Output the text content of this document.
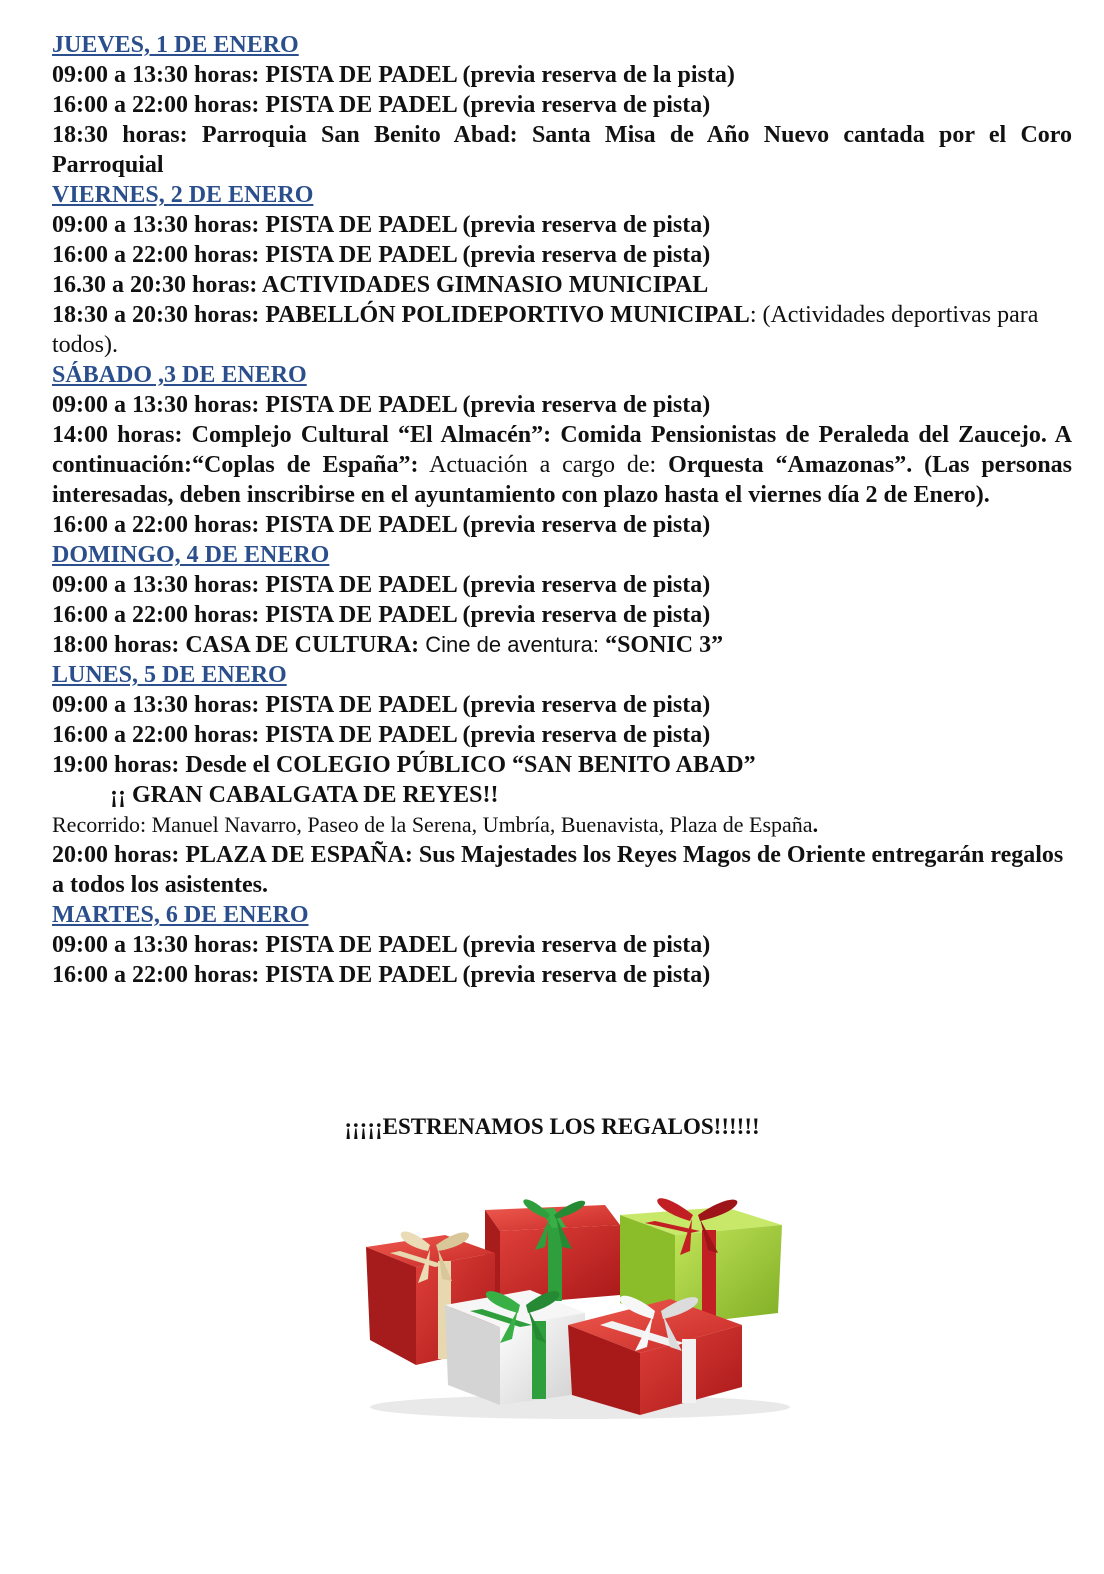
JUEVES, 1 DE ENERO

09:00 a 13:30 horas: PISTA DE PADEL (previa reserva de la pista)

16:00 a 22:00 horas: PISTA DE PADEL (previa reserva de pista)

18:30 horas: Parroquia San Benito Abad: Santa Misa de Año Nuevo cantada por el Coro Parroquial

VIERNES, 2 DE ENERO

09:00 a 13:30 horas: PISTA DE PADEL (previa reserva de pista)

16:00 a 22:00 horas: PISTA DE PADEL (previa reserva de pista)

16.30 a 20:30 horas: ACTIVIDADES GIMNASIO MUNICIPAL

18:30 a 20:30 horas: PABELLÓN POLIDEPORTIVO MUNICIPAL: (Actividades deportivas para todos).

SÁBADO ,3 DE ENERO

09:00 a 13:30 horas: PISTA DE PADEL (previa reserva de pista)

14:00 horas: Complejo Cultural “El Almacén”: Comida Pensionistas de Peraleda del Zaucejo. A continuación:“Coplas de España”: Actuación a cargo de: Orquesta “Amazonas”. (Las personas interesadas, deben inscribirse en el ayuntamiento con plazo hasta el viernes día 2 de Enero).

16:00 a 22:00 horas: PISTA DE PADEL (previa reserva de pista)

DOMINGO, 4 DE ENERO

09:00 a 13:30 horas: PISTA DE PADEL (previa reserva de pista)

16:00 a 22:00 horas: PISTA DE PADEL (previa reserva de pista)

18:00 horas: CASA DE CULTURA: Cine de aventura: “SONIC 3”

LUNES, 5 DE ENERO

09:00 a 13:30 horas: PISTA DE PADEL (previa reserva de pista)

16:00 a 22:00 horas: PISTA DE PADEL (previa reserva de pista)

19:00 horas: Desde el COLEGIO PÚBLICO “SAN BENITO ABAD”

¡¡ GRAN CABALGATA DE REYES!!

Recorrido: Manuel Navarro, Paseo de la Serena, Umbría, Buenavista, Plaza de España.

20:00 horas: PLAZA DE ESPAÑA: Sus Majestades los Reyes Magos de Oriente entregarán regalos a todos los asistentes.

MARTES, 6 DE ENERO

09:00 a 13:30 horas: PISTA DE PADEL (previa reserva de pista)

16:00 a 22:00 horas: PISTA DE PADEL (previa reserva de pista)

¡¡¡¡¡ESTRENAMOS LOS REGALOS!!!!!!
